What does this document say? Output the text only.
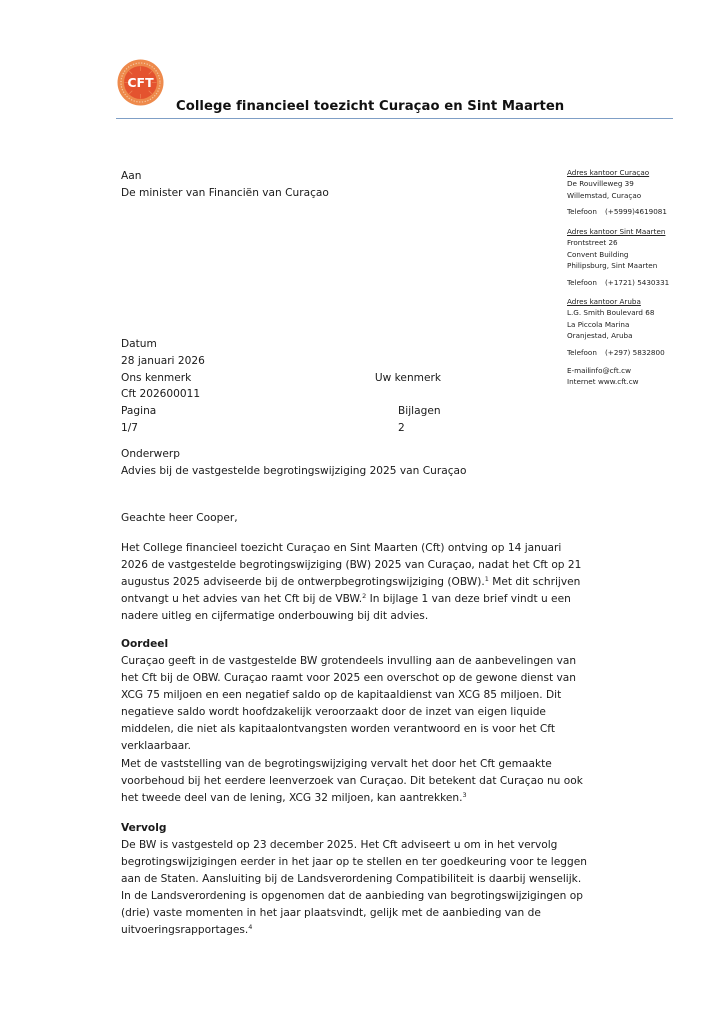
CFT
College financieel toezicht Curaçao en Sint Maarten
Adres kantoor Curaçao
De Rouvilleweg 39
Willemstad, Curaçao
Telefoon (+5999)4619081
Adres kantoor Sint Maarten
Frontstreet 26
Convent Building
Philipsburg, Sint Maarten
Telefoon (+1721) 5430331
Adres kantoor Aruba
L.G. Smith Boulevard 68
La Piccola Marina
Oranjestad, Aruba
Telefoon (+297) 5832800
E-mailinfo@cft.cw
Internet www.cft.cw
Aan
De minister van Financiën van Curaçao
Datum
28 januari 2026
Ons kenmerk	Uw kenmerk
Cft 202600011
Pagina	Bijlagen
1/7	2
Onderwerp
Advies bij de vastgestelde begrotingswijziging 2025 van Curaçao
Geachte heer Cooper,
Het College financieel toezicht Curaçao en Sint Maarten (Cft) ontving op 14 januari
2026 de vastgestelde begrotingswijziging (BW) 2025 van Curaçao, nadat het Cft op 21
augustus 2025 adviseerde bij de ontwerpbegrotingswijziging (OBW).$^1$ Met dit schrijven
ontvangt u het advies van het Cft bij de VBW.$^2$ In bijlage 1 van deze brief vindt u een
nadere uitleg en cijfermatige onderbouwing bij dit advies.
Oordeel
Curaçao geeft in de vastgestelde BW grotendeels invulling aan de aanbevelingen van
het Cft bij de OBW. Curaçao raamt voor 2025 een overschot op de gewone dienst van
XCG 75 miljoen en een negatief saldo op de kapitaaldienst van XCG 85 miljoen. Dit
negatieve saldo wordt hoofdzakelijk veroorzaakt door de inzet van eigen liquide
middelen, die niet als kapitaalontvangsten worden verantwoord en is voor het Cft
verklaarbaar.
Met de vaststelling van de begrotingswijziging vervalt het door het Cft gemaakte
voorbehoud bij het eerdere leenverzoek van Curaçao. Dit betekent dat Curaçao nu ook
het tweede deel van de lening, XCG 32 miljoen, kan aantrekken.$^3$
Vervolg
De BW is vastgesteld op 23 december 2025. Het Cft adviseert u om in het vervolg
begrotingswijzigingen eerder in het jaar op te stellen en ter goedkeuring voor te leggen
aan de Staten. Aansluiting bij de Landsverordening Compatibiliteit is daarbij wenselijk.
In de Landsverordening is opgenomen dat de aanbieding van begrotingswijzigingen op
(drie) vaste momenten in het jaar plaatsvindt, gelijk met de aanbieding van de
uitvoeringsrapportages.$^4$
